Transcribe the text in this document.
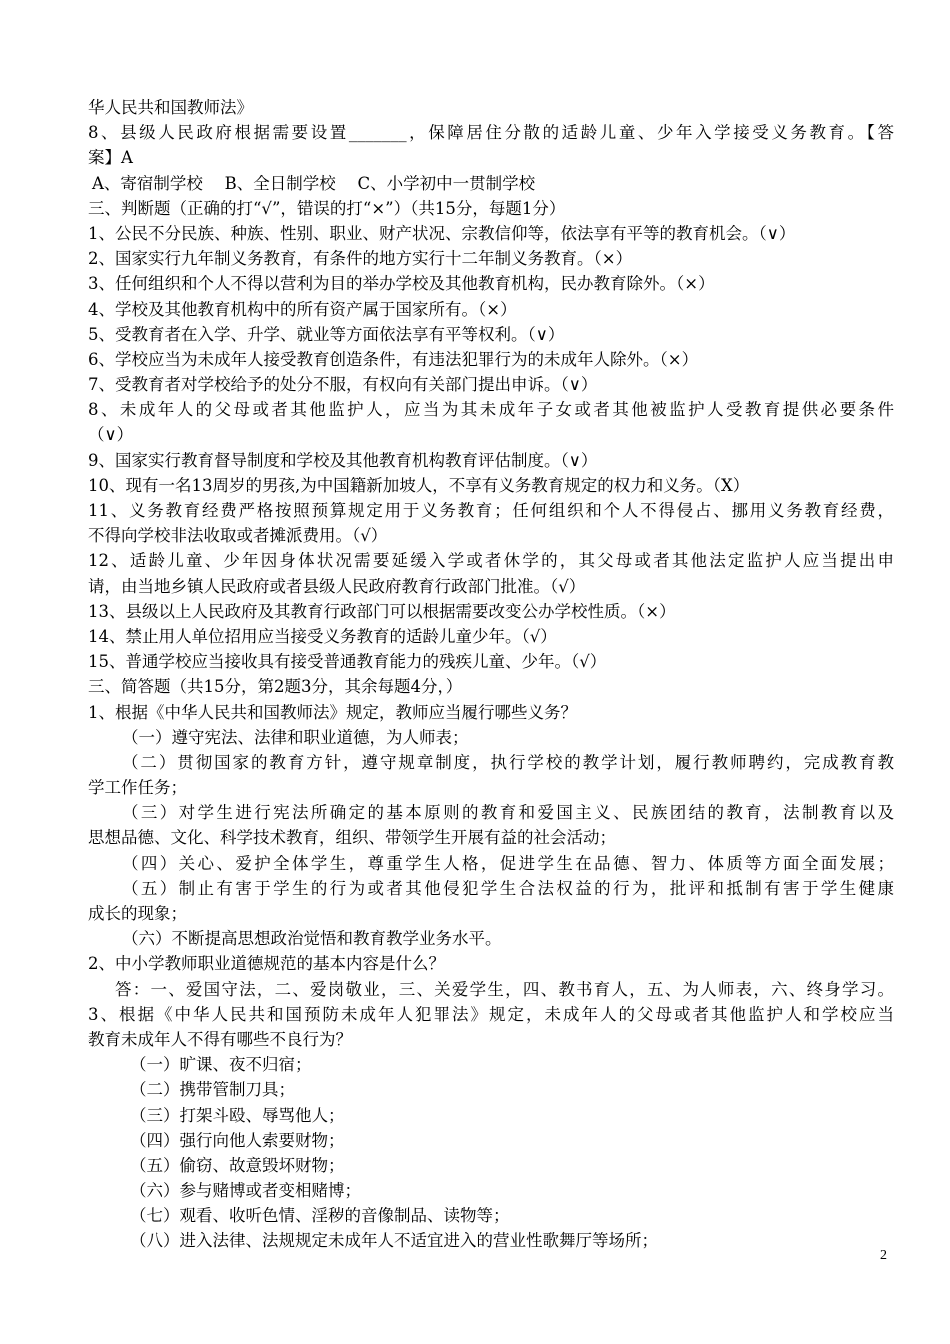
华人民共和国教师法》
8、县级人民政府根据需要设置_______，保障居住分散的适龄儿童、少年入学接受义务教育。【答
案】A
A、寄宿制学校　 B、全日制学校　 C、小学初中一贯制学校
三、判断题（正确的打“√”，错误的打“×”）（共15分，每题1分）
1、公民不分民族、种族、性别、职业、财产状况、宗教信仰等，依法享有平等的教育机会。（∨）
2、国家实行九年制义务教育，有条件的地方实行十二年制义务教育。（×）
3、任何组织和个人不得以营利为目的举办学校及其他教育机构，民办教育除外。（×）
4、学校及其他教育机构中的所有资产属于国家所有。（×）
5、受教育者在入学、升学、就业等方面依法享有平等权利。（∨）
6、学校应当为未成年人接受教育创造条件，有违法犯罪行为的未成年人除外。（×）
7、受教育者对学校给予的处分不服，有权向有关部门提出申诉。（∨）
8、未成年人的父母或者其他监护人，应当为其未成年子女或者其他被监护人受教育提供必要条件
（∨）
9、国家实行教育督导制度和学校及其他教育机构教育评估制度。（∨）
10、现有一名13周岁的男孩,为中国籍新加坡人，不享有义务教育规定的权力和义务。（X）
11、义务教育经费严格按照预算规定用于义务教育；任何组织和个人不得侵占、挪用义务教育经费，
不得向学校非法收取或者摊派费用。（√）
12、适龄儿童、少年因身体状况需要延缓入学或者休学的，其父母或者其他法定监护人应当提出申
请，由当地乡镇人民政府或者县级人民政府教育行政部门批准。（√）
13、县级以上人民政府及其教育行政部门可以根据需要改变公办学校性质。（×）
14、禁止用人单位招用应当接受义务教育的适龄儿童少年。（√）
15、普通学校应当接收具有接受普通教育能力的残疾儿童、少年。（√）
三、简答题（共15分，第2题3分，其余每题4分，）
1、根据《中华人民共和国教师法》规定，教师应当履行哪些义务？
（一）遵守宪法、法律和职业道德，为人师表；
（二）贯彻国家的教育方针，遵守规章制度，执行学校的教学计划，履行教师聘约，完成教育教
学工作任务；
（三）对学生进行宪法所确定的基本原则的教育和爱国主义、民族团结的教育，法制教育以及
思想品德、文化、科学技术教育，组织、带领学生开展有益的社会活动；
（四）关心、爱护全体学生，尊重学生人格，促进学生在品德、智力、体质等方面全面发展；
（五）制止有害于学生的行为或者其他侵犯学生合法权益的行为，批评和抵制有害于学生健康
成长的现象；
（六）不断提高思想政治觉悟和教育教学业务水平。
2、中小学教师职业道德规范的基本内容是什么？
答：一、爱国守法，二、爱岗敬业，三、关爱学生，四、教书育人，五、为人师表，六、终身学习。
3、根据《中华人民共和国预防未成年人犯罪法》规定，未成年人的父母或者其他监护人和学校应当
教育未成年人不得有哪些不良行为？
（一）旷课、夜不归宿；
（二）携带管制刀具；
（三）打架斗殴、辱骂他人；
（四）强行向他人索要财物；
（五）偷窃、故意毁坏财物；
（六）参与赌博或者变相赌博；
（七）观看、收听色情、淫秽的音像制品、读物等；
（八）进入法律、法规规定未成年人不适宜进入的营业性歌舞厅等场所；
2
